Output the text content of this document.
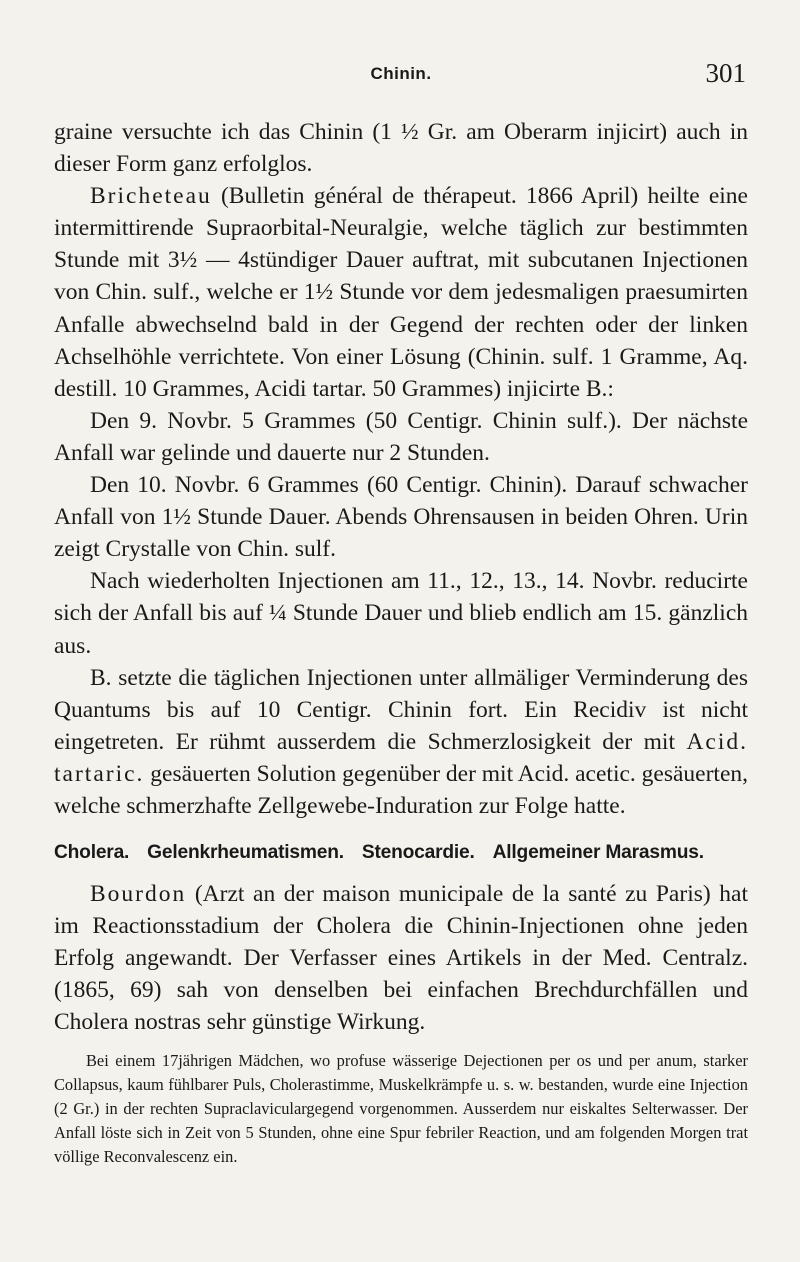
Chinin.	301

graine versuchte ich das Chinin (1 ½ Gr. am Oberarm injicirt) auch in dieser Form ganz erfolglos.

Bricheteau (Bulletin général de thérapeut. 1866 April) heilte eine intermittirende Supraorbital-Neuralgie, welche täglich zur bestimmten Stunde mit 3½ — 4stündiger Dauer auftrat, mit subcutanen Injectionen von Chin. sulf., welche er 1½ Stunde vor dem jedesmaligen praesumirten Anfalle abwechselnd bald in der Gegend der rechten oder der linken Achselhöhle verrichtete. Von einer Lösung (Chinin. sulf. 1 Gramme, Aq. destill. 10 Grammes, Acidi tartar. 50 Grammes) injicirte B.:

Den 9. Novbr. 5 Grammes (50 Centigr. Chinin sulf.). Der nächste Anfall war gelinde und dauerte nur 2 Stunden.

Den 10. Novbr. 6 Grammes (60 Centigr. Chinin). Darauf schwacher Anfall von 1½ Stunde Dauer. Abends Ohrensausen in beiden Ohren. Urin zeigt Crystalle von Chin. sulf.

Nach wiederholten Injectionen am 11., 12., 13., 14. Novbr. reducirte sich der Anfall bis auf ¼ Stunde Dauer und blieb endlich am 15. gänzlich aus.

B. setzte die täglichen Injectionen unter allmäliger Verminderung des Quantums bis auf 10 Centigr. Chinin fort. Ein Recidiv ist nicht eingetreten. Er rühmt ausserdem die Schmerzlosigkeit der mit Acid. tartaric. gesäuerten Solution gegenüber der mit Acid. acetic. gesäuerten, welche schmerzhafte Zellgewebe-Induration zur Folge hatte.

Cholera. Gelenkrheumatismen. Stenocardie. Allgemeiner Marasmus.

Bourdon (Arzt an der maison municipale de la santé zu Paris) hat im Reactionsstadium der Cholera die Chinin-Injectionen ohne jeden Erfolg angewandt. Der Verfasser eines Artikels in der Med. Centralz. (1865, 69) sah von denselben bei einfachen Brechdurchfällen und Cholera nostras sehr günstige Wirkung.

Bei einem 17jährigen Mädchen, wo profuse wässerige Dejectionen per os und per anum, starker Collapsus, kaum fühlbarer Puls, Cholerastimme, Muskelkrämpfe u. s. w. bestanden, wurde eine Injection (2 Gr.) in der rechten Supraclaviculargegend vorgenommen. Ausserdem nur eiskaltes Selterwasser. Der Anfall löste sich in Zeit von 5 Stunden, ohne eine Spur febriler Reaction, und am folgenden Morgen trat völlige Reconvalescenz ein.
